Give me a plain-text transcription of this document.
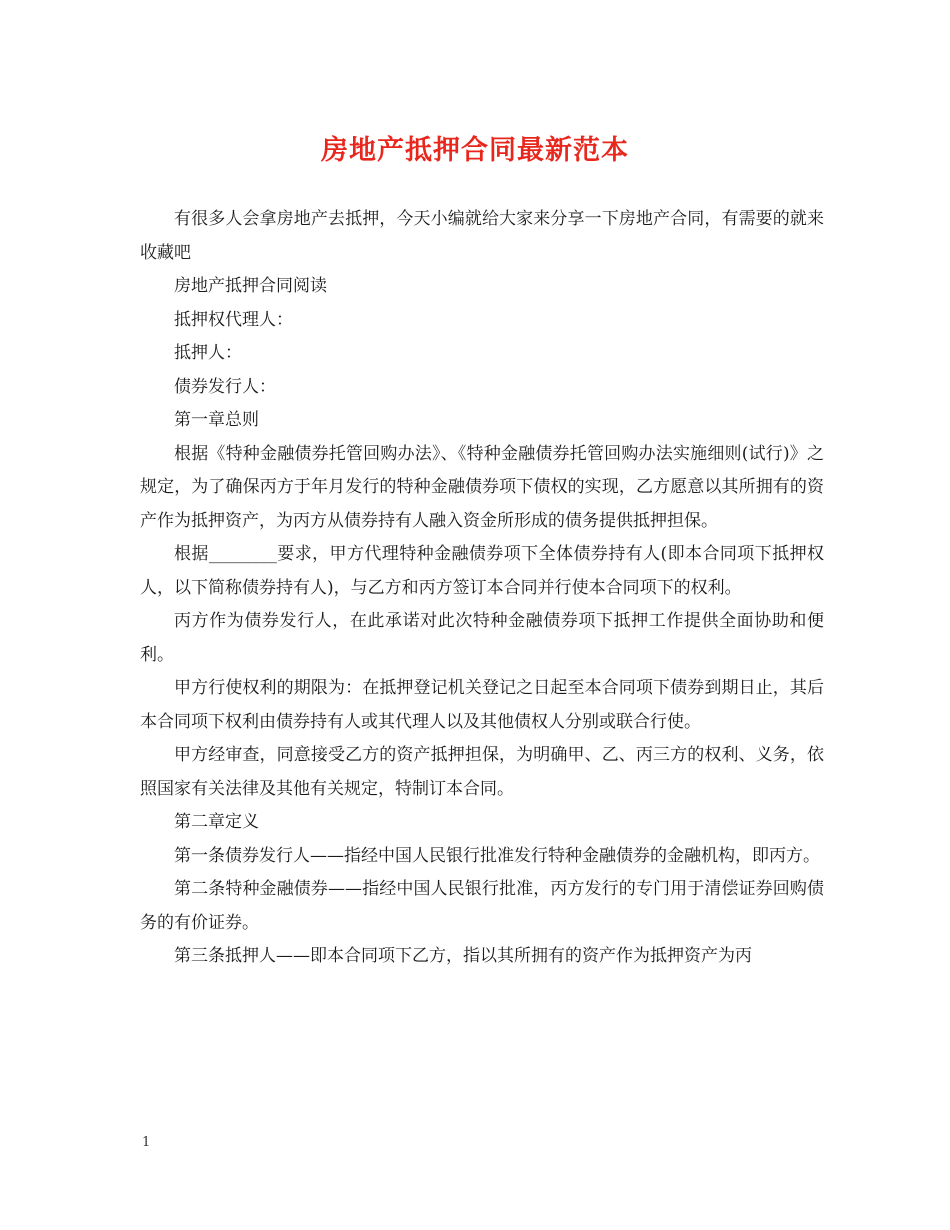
房地产抵押合同最新范本

有很多人会拿房地产去抵押，今天小编就给大家来分享一下房地产合同，有需要的就来收藏吧

房地产抵押合同阅读

抵押权代理人：

抵押人：

债券发行人：

第一章总则

根据《特种金融债券托管回购办法》、《特种金融债券托管回购办法实施细则(试行)》之规定，为了确保丙方于年月发行的特种金融债券项下债权的实现，乙方愿意以其所拥有的资产作为抵押资产，为丙方从债券持有人融入资金所形成的债务提供抵押担保。

根据________要求，甲方代理特种金融债券项下全体债券持有人(即本合同项下抵押权人，以下简称债券持有人)，与乙方和丙方签订本合同并行使本合同项下的权利。

丙方作为债券发行人，在此承诺对此次特种金融债券项下抵押工作提供全面协助和便利。

甲方行使权利的期限为：在抵押登记机关登记之日起至本合同项下债券到期日止，其后本合同项下权利由债券持有人或其代理人以及其他债权人分别或联合行使。

甲方经审查，同意接受乙方的资产抵押担保，为明确甲、乙、丙三方的权利、义务，依照国家有关法律及其他有关规定，特制订本合同。

第二章定义

第一条债券发行人——指经中国人民银行批准发行特种金融债券的金融机构，即丙方。

第二条特种金融债券——指经中国人民银行批准，丙方发行的专门用于清偿证券回购债务的有价证券。

第三条抵押人——即本合同项下乙方，指以其所拥有的资产作为抵押资产为丙

1
